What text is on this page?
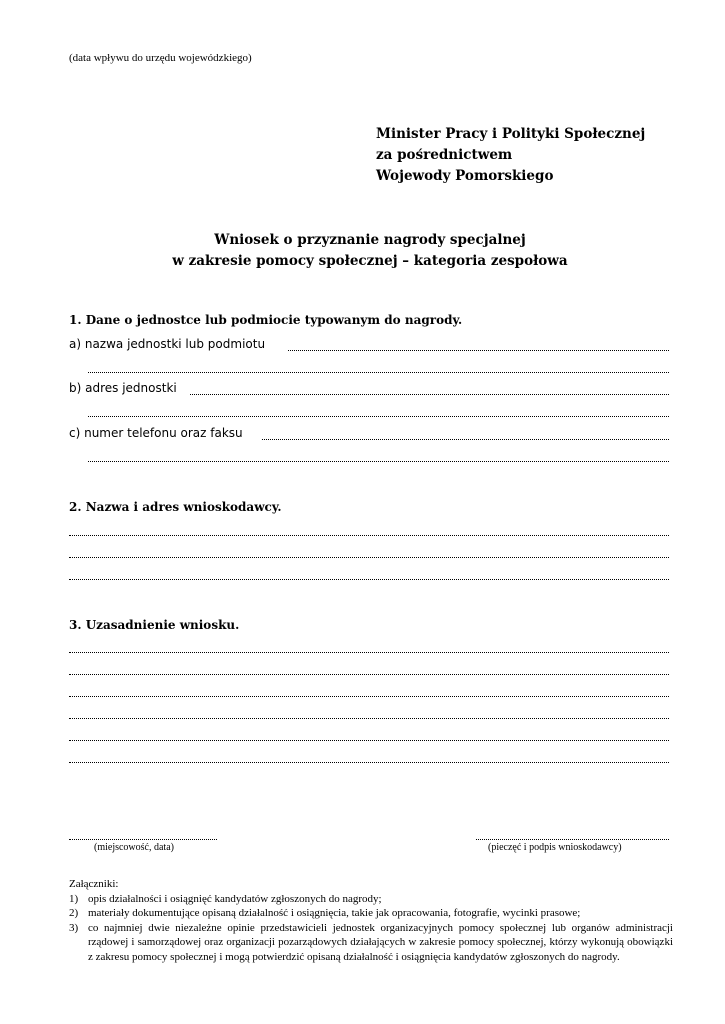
(data wpływu do urzędu wojewódzkiego)
Minister Pracy i Polityki Społecznej
za pośrednictwem
Wojewody Pomorskiego
Wniosek o przyznanie nagrody specjalnej
w zakresie pomocy społecznej – kategoria zespołowa
1. Dane o jednostce lub podmiocie typowanym do nagrody.
a) nazwa jednostki lub podmiotu
b) adres jednostki
c) numer telefonu oraz faksu
2. Nazwa i adres wnioskodawcy.
3. Uzasadnienie wniosku.
(miejscowość, data)	(pieczęć i podpis wnioskodawcy)
Załączniki:
1) opis działalności i osiągnięć kandydatów zgłoszonych do nagrody;
2) materiały dokumentujące opisaną działalność i osiągnięcia, takie jak opracowania, fotografie, wycinki prasowe;
3) co najmniej dwie niezależne opinie przedstawicieli jednostek organizacyjnych pomocy społecznej lub organów administracji rządowej i samorządowej oraz organizacji pozarządowych działających w zakresie pomocy społecznej, którzy wykonują obowiązki z zakresu pomocy społecznej i mogą potwierdzić opisaną działalność i osiągnięcia kandydatów zgłoszonych do nagrody.
